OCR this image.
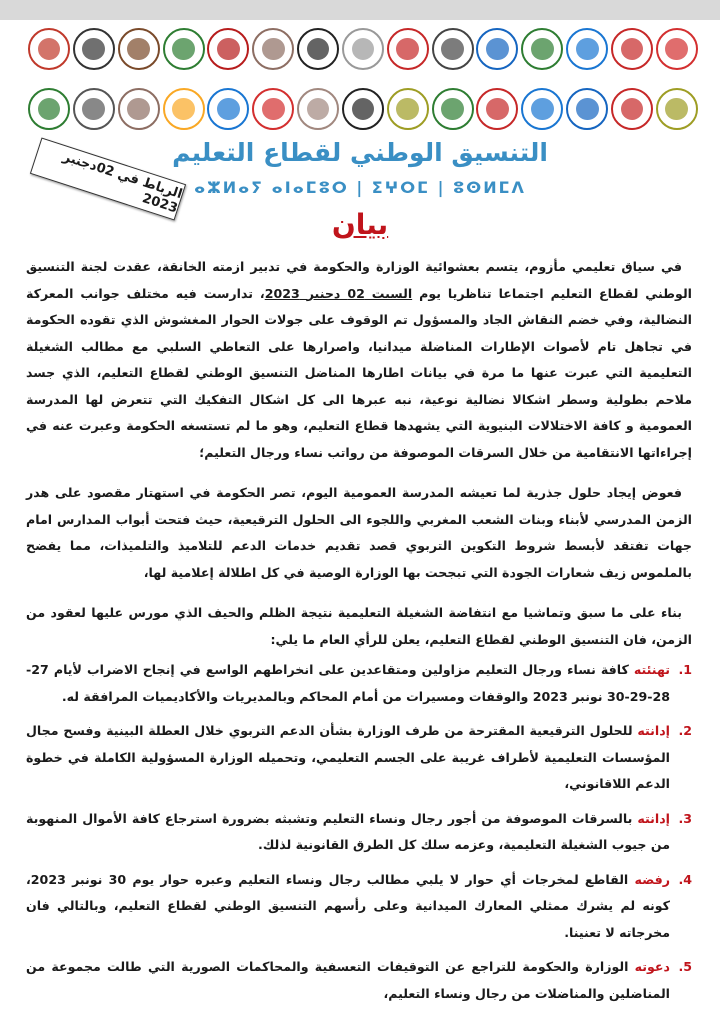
التنسيق الوطني لقطاع التعليم
ⴰⵣⵍⴰⵢ ⴰⵏⴰⵎⵓⵔ | ⵉⵖⵔⵎ | ⵓⵙⵍⵎⴷ
الرباط في 02دجنبر 2023
بيان

في سياق تعليمي مأزوم، يتسم بعشوائية الوزارة والحكومة في تدبير ازمته الخانقة، عقدت لجنة التنسيق الوطني لقطاع التعليم اجتماعا تناظريا يوم السبت 02 دجنبر 2023، تدارست فيه مختلف جوانب المعركة النضالية، وفي خضم النقاش الجاد والمسؤول تم الوقوف على جولات الحوار المغشوش الذي تقوده الحكومة في تجاهل تام لأصوات الإطارات المناضلة ميدانيا، واصرارها على التعاطي السلبي مع مطالب الشغيلة التعليمية التي عبرت عنها ما مرة في بيانات اطارها المناضل التنسيق الوطني لقطاع التعليم، الذي جسد ملاحم بطولية وسطر اشكالا نضالية نوعية، نبه عبرها الى كل اشكال التفكيك التي تتعرض لها المدرسة العمومية و كافة الاختلالات البنيوية التي يشهدها قطاع التعليم، وهو ما لم تستسغه الحكومة وعبرت عنه في إجراءاتها الانتقامية من خلال السرقات الموصوفة من رواتب نساء ورجال التعليم؛

فعوض إيجاد حلول جذرية لما تعيشه المدرسة العمومية اليوم، تصر الحكومة في استهتار مقصود على هدر الزمن المدرسي لأبناء وبنات الشعب المغربي واللجوء الى الحلول الترقيعية، حيث فتحت أبواب المدارس امام جهات تفتقد لأبسط شروط التكوين التربوي قصد تقديم خدمات الدعم للتلاميذ والتلميذات، مما يفضح بالملموس زيف شعارات الجودة التي تبجحت بها الوزارة الوصية في كل اطلالة إعلامية لها،

بناء على ما سبق وتماشيا مع انتفاضة الشغيلة التعليمية نتيجة الظلم والحيف الذي مورس عليها لعقود من الزمن، فان التنسيق الوطني لقطاع التعليم، يعلن للرأي العام ما يلي:

1.
تهنئته كافة نساء ورجال التعليم مزاولين ومتقاعدين على انخراطهم الواسع في إنجاح الاضراب لأيام 27-28-29-30 نونبر 2023 والوقفات ومسيرات من أمام المحاكم وبالمديريات والأكاديميات المرافقة له.
2.
إدانته للحلول الترقيعية المقترحة من طرف الوزارة بشأن الدعم التربوي خلال العطلة البينية وفسح مجال المؤسسات التعليمية لأطراف غريبة على الجسم التعليمي، وتحميله الوزارة المسؤولية الكاملة في خطوة الدعم اللاقانوني،
3.
إدانته بالسرقات الموصوفة من أجور رجال ونساء التعليم وتشبثه بضرورة استرجاع كافة الأموال المنهوبة من جيوب الشغيلة التعليمية، وعزمه سلك كل الطرق القانونية لذلك.
4.
رفضه القاطع لمخرجات أي حوار لا يلبي مطالب رجال ونساء التعليم وعبره حوار يوم 30 نونبر 2023، كونه لم يشرك ممثلي المعارك الميدانية وعلى رأسهم التنسيق الوطني لقطاع التعليم، وبالتالي فان مخرجاته لا تعنينا.
5.
دعوته الوزارة والحكومة للتراجع عن التوقيفات التعسفية والمحاكمات الصورية التي طالت مجموعة من المناضلين والمناضلات من رجال ونساء التعليم،
